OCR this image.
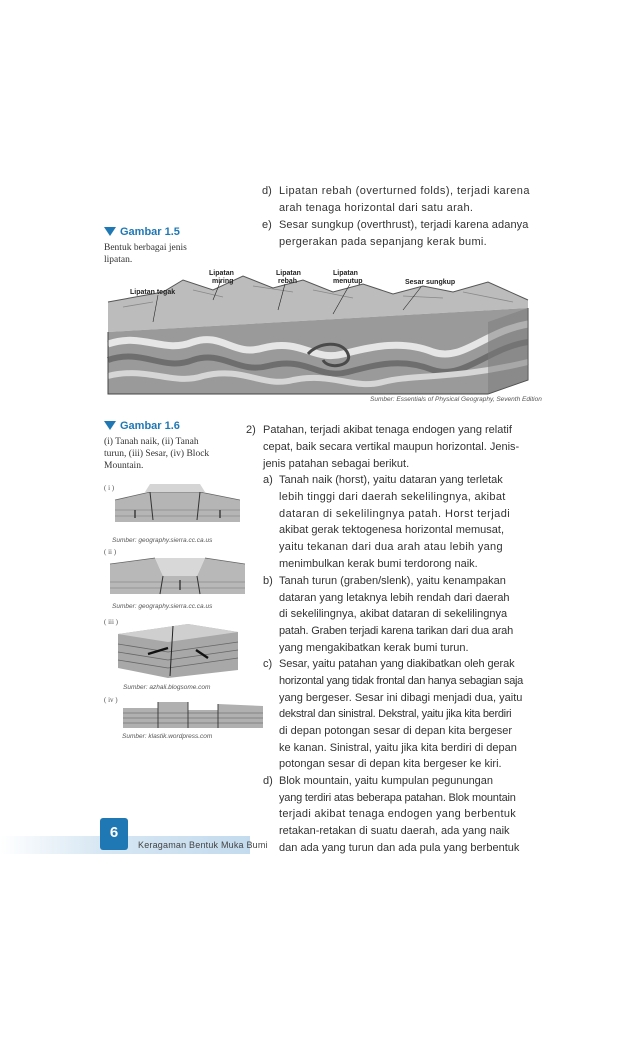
d) Lipatan rebah (overturned folds), terjadi karena
arah tenaga horizontal dari satu arah.
e) Sesar sungkup (overthrust), terjadi karena adanya
pergerakan pada sepanjang kerak bumi.
Gambar 1.5
Bentuk berbagai jenis
lipatan.
Lipatan tegak
Lipatan
miring
Lipatan
rebah
Lipatan
menutup	Sesar sungkup
Sumber: Essentials of Physical Geography, Seventh Edition
Gambar 1.6
(i) Tanah naik, (ii) Tanah
turun, (iii) Sesar, (iv) Block
Mountain.
( i )
Sumber: geography.sierra.cc.ca.us
( ii )
Sumber: geography.sierra.cc.ca.us
( iii )
Sumber: azhali.blogsome.com
( iv )
Sumber: klastik.wordpress.com
2) Patahan, terjadi akibat tenaga endogen yang relatif
cepat, baik secara vertikal maupun horizontal. Jenis-
jenis patahan sebagai berikut.
a) Tanah naik (horst), yaitu dataran yang terletak
lebih tinggi dari daerah sekelilingnya, akibat
dataran di sekelilingnya patah. Horst terjadi
akibat gerak tektogenesa horizontal memusat,
yaitu tekanan dari dua arah atau lebih yang
menimbulkan kerak bumi terdorong naik.
b) Tanah turun (graben/slenk), yaitu kenampakan
dataran yang letaknya lebih rendah dari daerah
di sekelilingnya, akibat dataran di sekelilingnya
patah. Graben terjadi karena tarikan dari dua arah
yang mengakibatkan kerak bumi turun.
c) Sesar, yaitu patahan yang diakibatkan oleh gerak
horizontal yang tidak frontal dan hanya sebagian saja
yang bergeser. Sesar ini dibagi menjadi dua, yaitu
dekstral dan sinistral. Dekstral, yaitu jika kita berdiri
di depan potongan sesar di depan kita bergeser
ke kanan. Sinistral, yaitu jika kita berdiri di depan
potongan sesar di depan kita bergeser ke kiri.
d) Blok mountain, yaitu kumpulan pegunungan
yang terdiri atas beberapa patahan. Blok mountain
terjadi akibat tenaga endogen yang berbentuk
retakan-retakan di suatu daerah, ada yang naik
dan ada yang turun dan ada pula yang berbentuk
6
Keragaman Bentuk Muka Bumi
